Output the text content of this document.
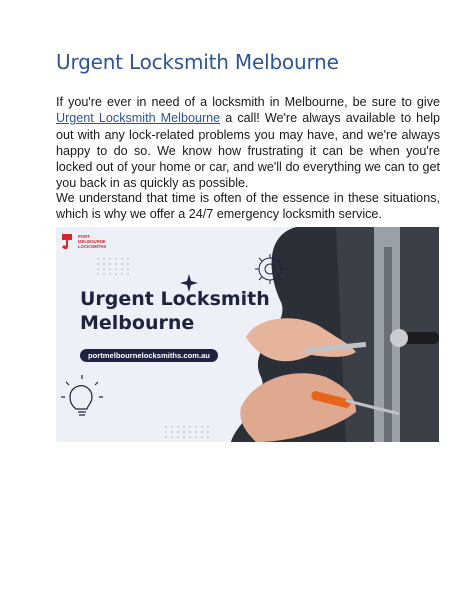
Urgent Locksmith Melbourne

If you're ever in need of a locksmith in Melbourne, be sure to give Urgent Locksmith Melbourne a call! We're always available to help out with any lock-related problems you may have, and we're always happy to do so. We know how frustrating it can be when you're locked out of your home or car, and we'll do everything we can to get you back in as quickly as possible.

We understand that time is often of the essence in these situations, which is why we offer a 24/7 emergency locksmith service.

PORT
MELBOURNE
LOCKSMITHS
Urgent Locksmith
Melbourne
portmelbournelocksmiths.com.au
